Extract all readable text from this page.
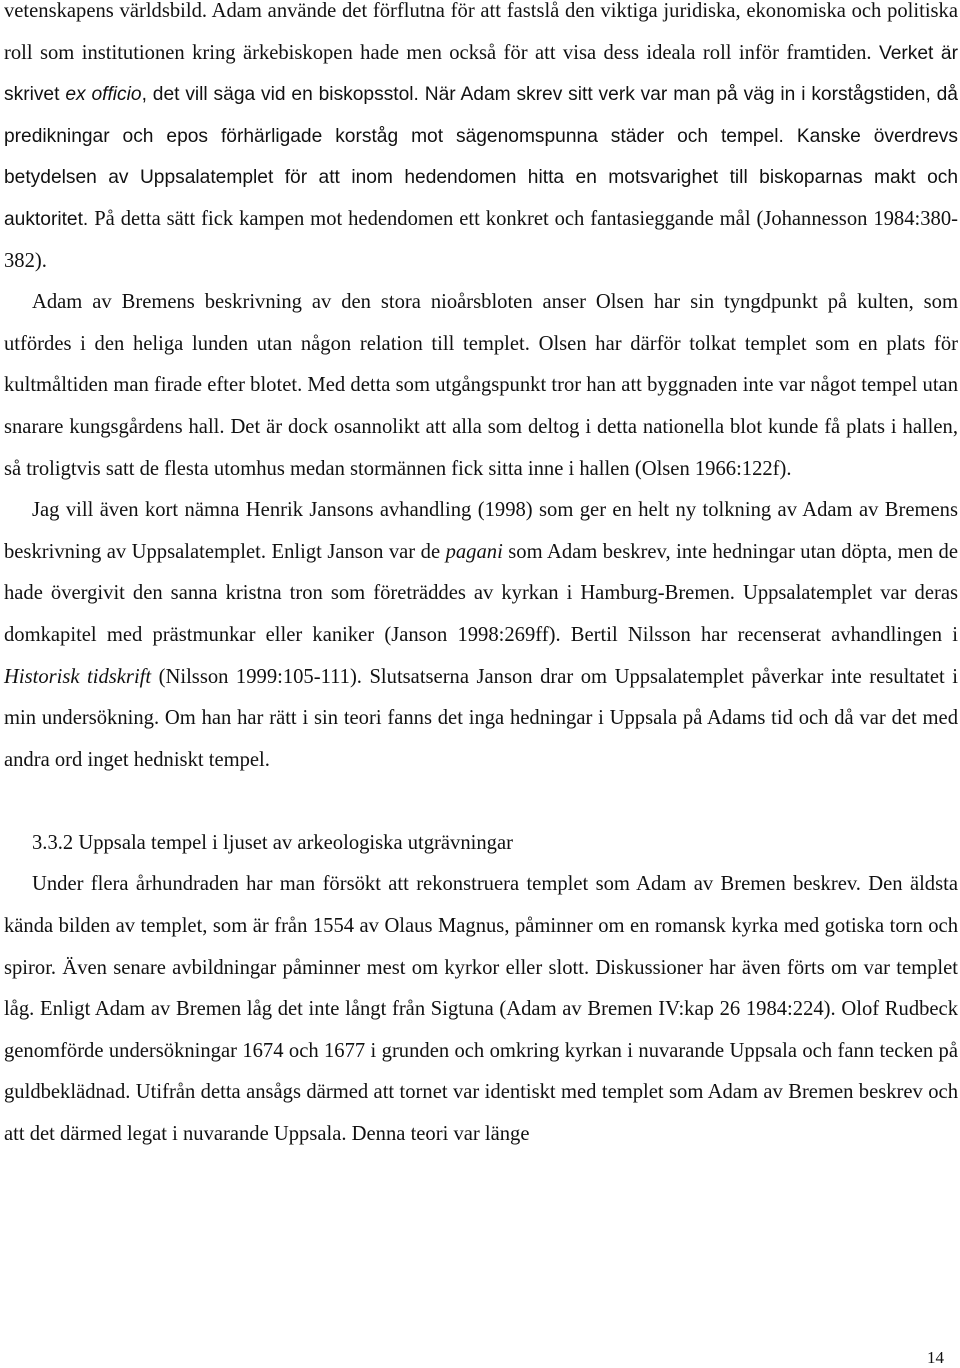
vetenskapens världsbild. Adam använde det förflutna för att fastslå den viktiga juridiska, ekonomiska och politiska roll som institutionen kring ärkebiskopen hade men också för att visa dess ideala roll inför framtiden. Verket är skrivet ex officio, det vill säga vid en biskopsstol. När Adam skrev sitt verk var man på väg in i korstågstiden, då predikningar och epos förhärligade korståg mot sägenomspunna städer och tempel. Kanske överdrevs betydelsen av Uppsalatemplet för att inom hedendomen hitta en motsvarighet till biskoparnas makt och auktoritet. På detta sätt fick kampen mot hedendomen ett konkret och fantasieggande mål (Johannesson 1984:380-382).

Adam av Bremens beskrivning av den stora nioårsbloten anser Olsen har sin tyngdpunkt på kulten, som utfördes i den heliga lunden utan någon relation till templet. Olsen har därför tolkat templet som en plats för kultmåltiden man firade efter blotet. Med detta som utgångspunkt tror han att byggnaden inte var något tempel utan snarare kungsgårdens hall. Det är dock osannolikt att alla som deltog i detta nationella blot kunde få plats i hallen, så troligtvis satt de flesta utomhus medan stormännen fick sitta inne i hallen (Olsen 1966:122f).

Jag vill även kort nämna Henrik Jansons avhandling (1998) som ger en helt ny tolkning av Adam av Bremens beskrivning av Uppsalatemplet. Enligt Janson var de pagani som Adam beskrev, inte hedningar utan döpta, men de hade övergivit den sanna kristna tron som företräddes av kyrkan i Hamburg-Bremen. Uppsalatemplet var deras domkapitel med prästmunkar eller kaniker (Janson 1998:269ff). Bertil Nilsson har recenserat avhandlingen i Historisk tidskrift (Nilsson 1999:105-111). Slutsatserna Janson drar om Uppsalatemplet påverkar inte resultatet i min undersökning. Om han har rätt i sin teori fanns det inga hedningar i Uppsala på Adams tid och då var det med andra ord inget hedniskt tempel.

3.3.2 Uppsala tempel i ljuset av arkeologiska utgrävningar

Under flera århundraden har man försökt att rekonstruera templet som Adam av Bremen beskrev. Den äldsta kända bilden av templet, som är från 1554 av Olaus Magnus, påminner om en romansk kyrka med gotiska torn och spiror. Även senare avbildningar påminner mest om kyrkor eller slott. Diskussioner har även förts om var templet låg. Enligt Adam av Bremen låg det inte långt från Sigtuna (Adam av Bremen IV:kap 26 1984:224). Olof Rudbeck genomförde undersökningar 1674 och 1677 i grunden och omkring kyrkan i nuvarande Uppsala och fann tecken på guldbeklädnad. Utifrån detta ansågs därmed att tornet var identiskt med templet som Adam av Bremen beskrev och att det därmed legat i nuvarande Uppsala. Denna teori var länge

14
